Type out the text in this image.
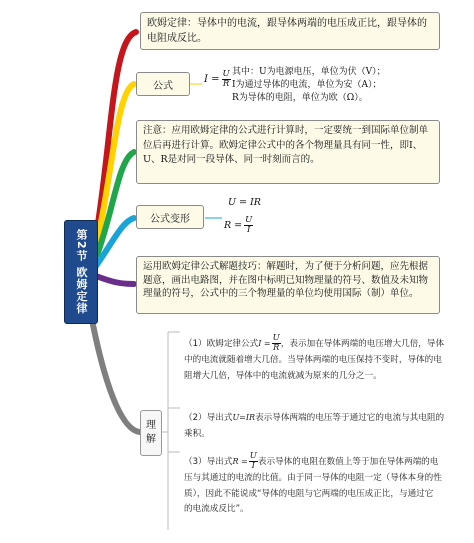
第2节 欧姆定律
欧姆定律：导体中的电流，跟导体两端的电压成正比，跟导体的电阻成反比。
公式
$I = \frac{U}{R}$ 其中：U为电源电压，单位为伏（V）；
I为通过导体的电流，单位为安（A）；
R为导体的电阻，单位为欧（Ω）。
注意：应用欧姆定律的公式进行计算时，一定要统一到国际单位制单位后再进行计算。欧姆定律公式中的各个物理量具有同一性，即I、U、R是对同一段导体、同一时刻而言的。
公式变形
U = IR
$R = \frac{U}{I}$
运用欧姆定律公式解题技巧：解题时，为了便于分析问题，应先根据题意，画出电路图，并在图中标明已知物理量的符号、数值及未知物理量的符号，公式中的三个物理量的单位均使用国际（制）单位。
理
解
（1）欧姆定律公式 $I = \frac{U}{R}$ ，表示加在导体两端的电压增大几倍，导体
中的电流就随着增大几倍。当导体两端的电压保持不变时，导体的电
阻增大几倍，导体中的电流就减为原来的几分之一。
（2）导出式U=IR表示导体两端的电压等于通过它的电流与其电阻的
乘积。
（3）导出式 $R = \frac{U}{I}$ 表示导体的电阻在数值上等于加在导体两端的电
压与其通过的电流的比值。由于同一导体的电阻一定（导体本身的性
质），因此不能说成“导体的电阻与它两端的电压成正比，与通过它
的电流成反比”。
